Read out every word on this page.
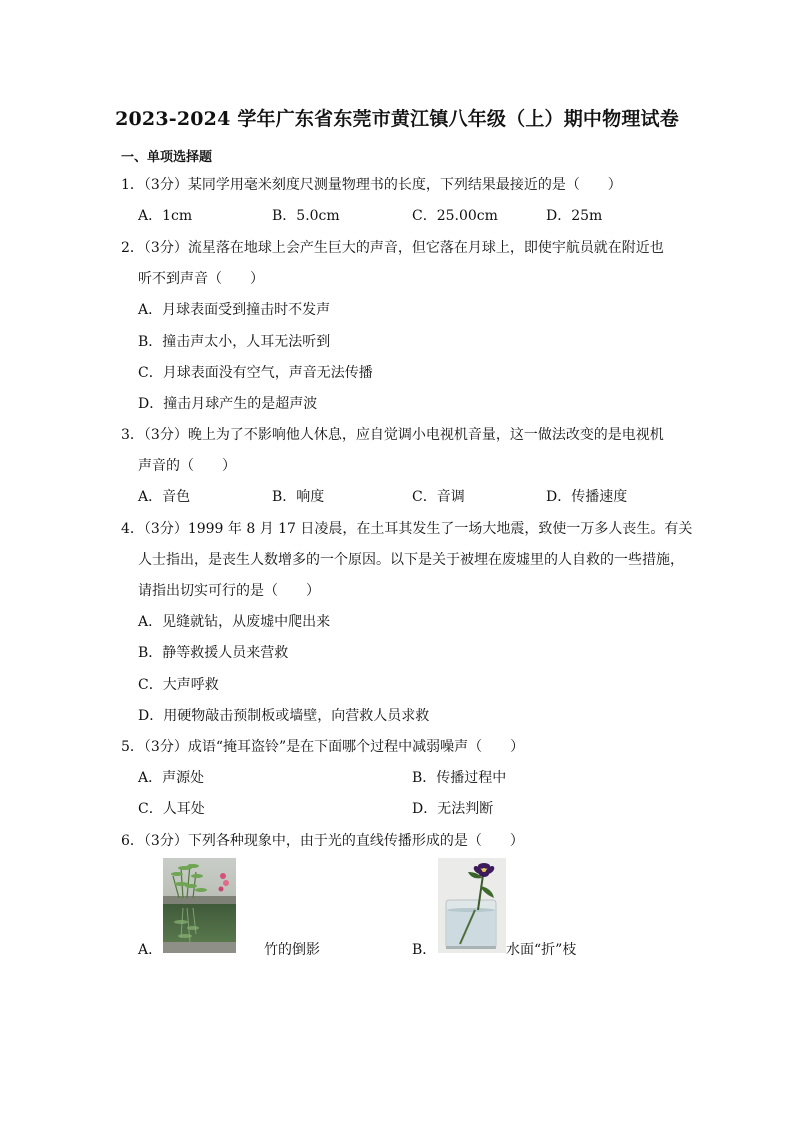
2023-2024 学年广东省东莞市黄江镇八年级（上）期中物理试卷
一、单项选择题
1．（3分）某同学用毫米刻度尺测量物理书的长度，下列结果最接近的是（　　）
A．1cm	B．5.0cm	C．25.00cm	D．25m
2．（3分）流星落在地球上会产生巨大的声音，但它落在月球上，即使宇航员就在附近也
听不到声音（　　）
A．月球表面受到撞击时不发声
B．撞击声太小，人耳无法听到
C．月球表面没有空气，声音无法传播
D．撞击月球产生的是超声波
3．（3分）晚上为了不影响他人休息，应自觉调小电视机音量，这一做法改变的是电视机
声音的（　　）
A．音色	B．响度	C．音调	D．传播速度
4．（3分）1999 年 8 月 17 日凌晨，在土耳其发生了一场大地震，致使一万多人丧生。有关
人士指出，是丧生人数增多的一个原因。以下是关于被埋在废墟里的人自救的一些措施，
请指出切实可行的是（　　）
A．见缝就钻，从废墟中爬出来
B．静等救援人员来营救
C．大声呼救
D．用硬物敲击预制板或墙壁，向营救人员求救
5．（3分）成语“掩耳盗铃”是在下面哪个过程中减弱噪声（　　）
A．声源处	B．传播过程中
C．人耳处	D．无法判断
6．（3分）下列各种现象中，由于光的直线传播形成的是（　　）
A．	竹的倒影	B．	水面“折”枝
